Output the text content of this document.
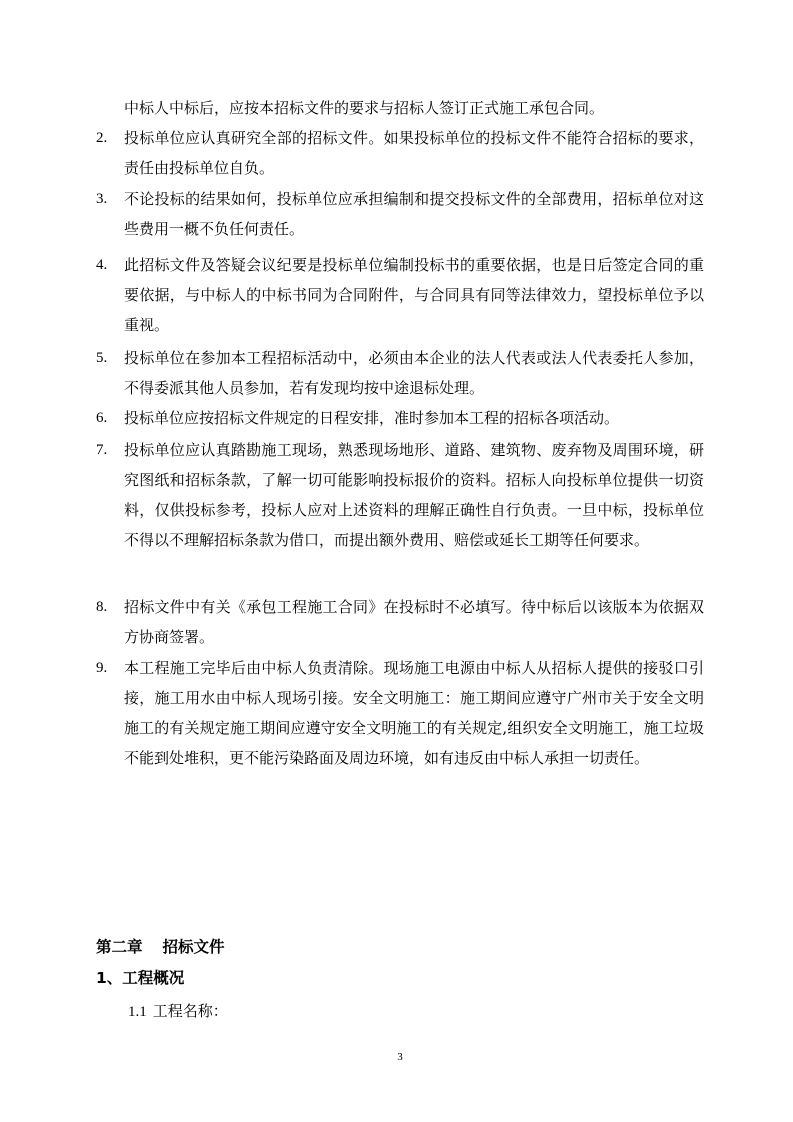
中标人中标后，应按本招标文件的要求与招标人签订正式施工承包合同。
2.	投标单位应认真研究全部的招标文件。如果投标单位的投标文件不能符合招标的要求，责任由投标单位自负。
3.	不论投标的结果如何，投标单位应承担编制和提交投标文件的全部费用，招标单位对这些费用一概不负任何责任。
4.	此招标文件及答疑会议纪要是投标单位编制投标书的重要依据，也是日后签定合同的重要依据，与中标人的中标书同为合同附件，与合同具有同等法律效力，望投标单位予以重视。
5.	投标单位在参加本工程招标活动中，必须由本企业的法人代表或法人代表委托人参加，不得委派其他人员参加，若有发现均按中途退标处理。
6.	投标单位应按招标文件规定的日程安排，准时参加本工程的招标各项活动。
7.	投标单位应认真踏勘施工现场，熟悉现场地形、道路、建筑物、废弃物及周围环境，研究图纸和招标条款，了解一切可能影响投标报价的资料。招标人向投标单位提供一切资料，仅供投标参考，投标人应对上述资料的理解正确性自行负责。一旦中标，投标单位不得以不理解招标条款为借口，而提出额外费用、赔偿或延长工期等任何要求。
8.	招标文件中有关《承包工程施工合同》在投标时不必填写。待中标后以该版本为依据双方协商签署。
9.	本工程施工完毕后由中标人负责清除。现场施工电源由中标人从招标人提供的接驳口引接，施工用水由中标人现场引接。安全文明施工：施工期间应遵守广州市关于安全文明施工的有关规定施工期间应遵守安全文明施工的有关规定,组织安全文明施工，施工垃圾不能到处堆积，更不能污染路面及周边环境，如有违反由中标人承担一切责任。
第二章 招标文件
1、工程概况
1.1 工程名称：
3
